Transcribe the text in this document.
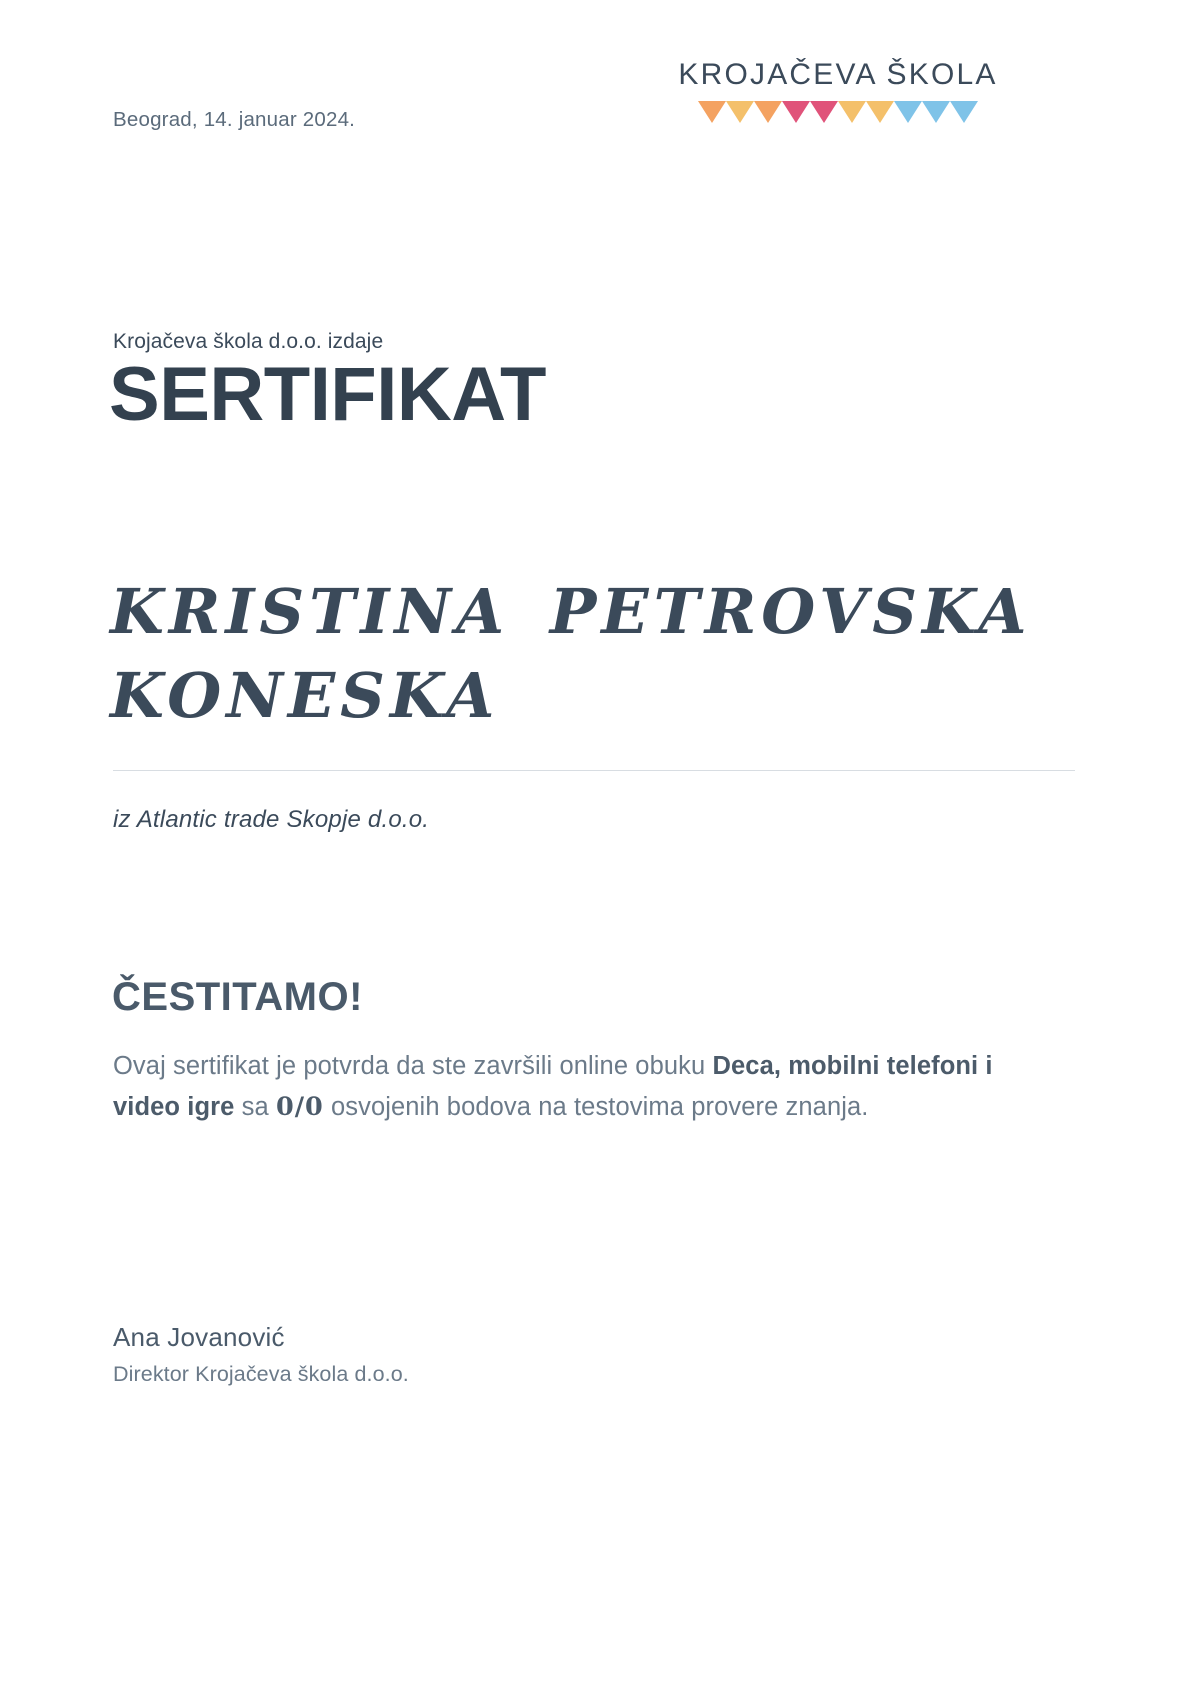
Beograd, 14. januar 2024.
KROJAČEVA ŠKOLA
Krojačeva škola d.o.o. izdaje
SERTIFIKAT
KRISTINA PETROVSKA KONESKA
iz Atlantic trade Skopje d.o.o.
ČESTITAMO!

Ovaj sertifikat je potvrda da ste završili online obuku Deca, mobilni telefoni i video igre sa 0/0 osvojenih bodova na testovima provere znanja.

Ana Jovanović
Direktor Krojačeva škola d.o.o.
